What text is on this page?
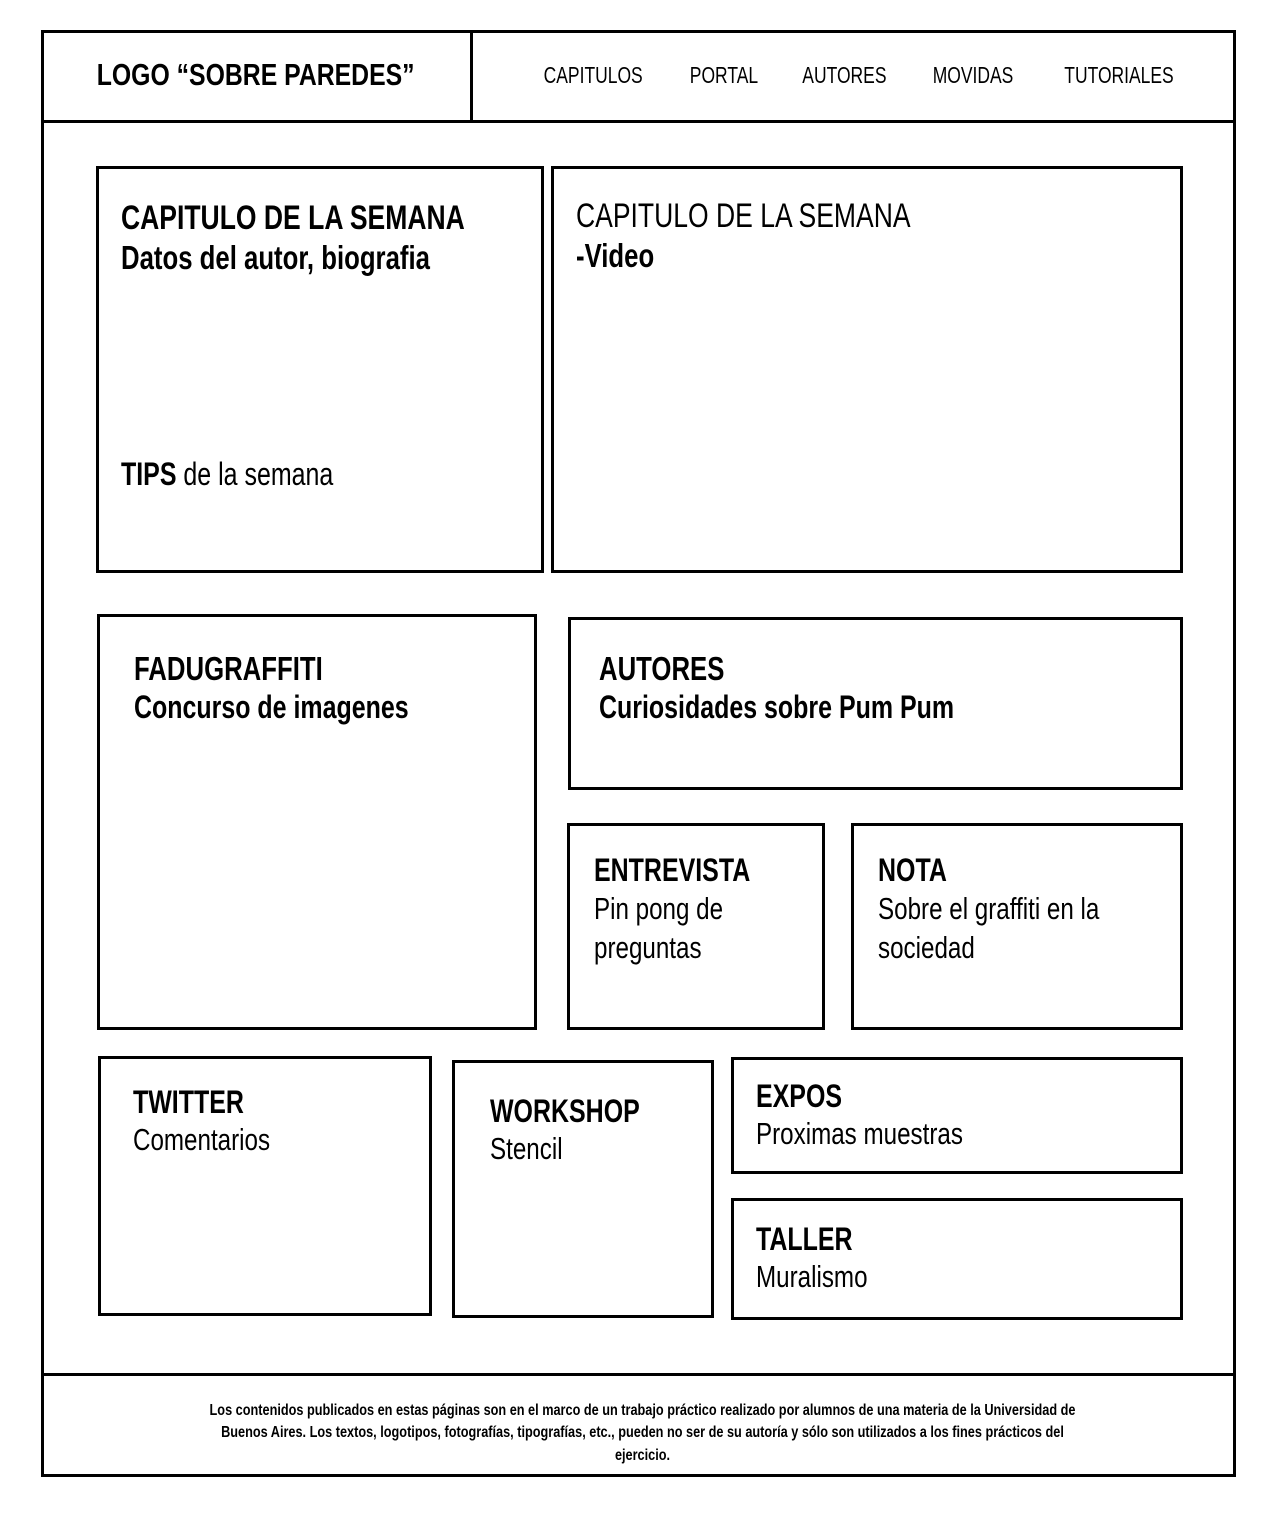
LOGO “SOBRE PAREDES”	CAPITULOS PORTAL AUTORES MOVIDAS TUTORIALES
CAPITULO DE LA SEMANA
Datos del autor, biografia
TIPS de la semana
CAPITULO DE LA SEMANA
-Video
FADUGRAFFITI
Concurso de imagenes
AUTORES
Curiosidades sobre Pum Pum
ENTREVISTA
Pin pong de preguntas
NOTA
Sobre el graffiti en la sociedad
TWITTER
Comentarios
WORKSHOP
Stencil
EXPOS
Proximas muestras
TALLER
Muralismo
Los contenidos publicados en estas páginas son en el marco de un trabajo práctico realizado por alumnos de una materia de la Universidad de Buenos Aires. Los textos, logotipos, fotografías, tipografías, etc., pueden no ser de su autoría y sólo son utilizados a los fines prácticos del ejercicio.
